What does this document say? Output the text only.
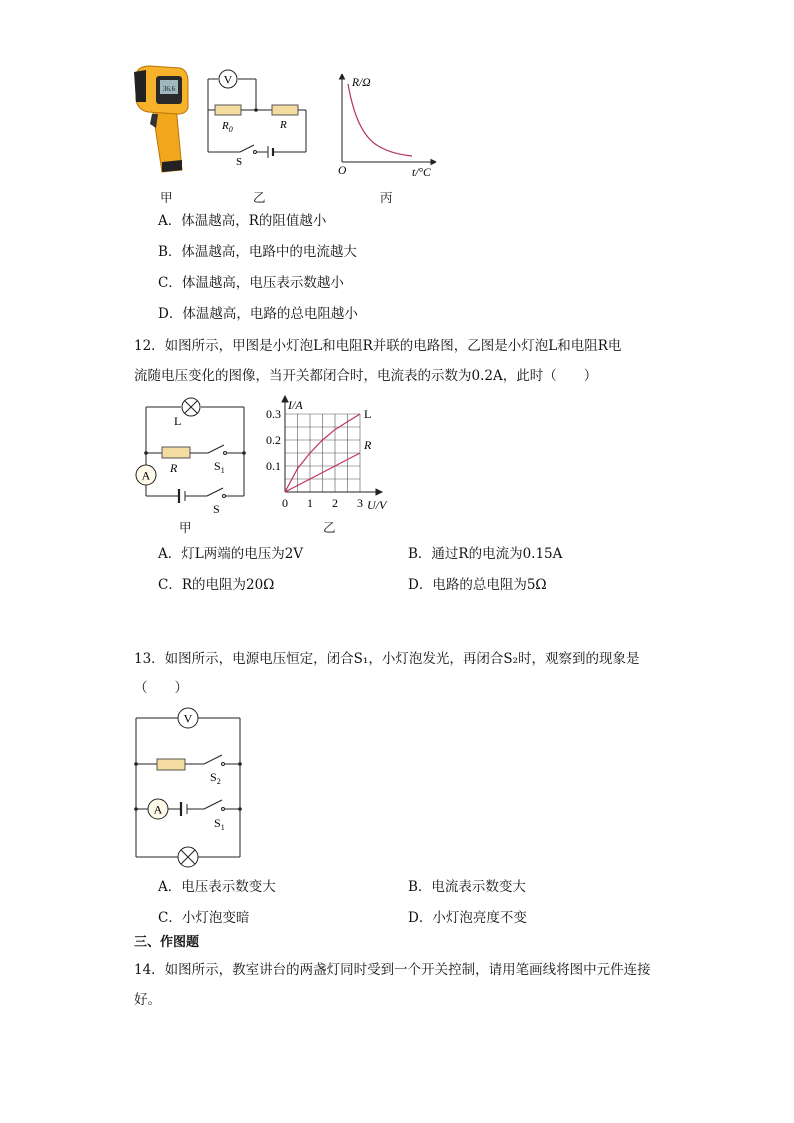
36.6
V
$R_0$	R
S
R/Ω
t/°C
O
甲	乙	丙
A．体温越高，R的阻值越小
B．体温越高，电路中的电流越大
C．体温越高，电压表示数越小
D．体温越高，电路的总电阻越小
12．如图所示，甲图是小灯泡L和电阻R并联的电路图，乙图是小灯泡L和电阻R电
流随电压变化的图像，当开关都闭合时，电流表的示数为0.2A，此时（　　）
L
R	$S_1$
A
S
甲
L
R
0 1 2 3
0.1
0.2
0.3
I/A
U/V
乙
A．灯L两端的电压为2V	B．通过R的电流为0.15A
C．R的电阻为20Ω	D．电路的总电阻为5Ω
13．如图所示，电源电压恒定，闭合S₁，小灯泡发光，再闭合S₂时，观察到的现象是
（　　）
V
$S_2$
A
$S_1$
A．电压表示数变大	B．电流表示数变大
C．小灯泡变暗	D．小灯泡亮度不变
三、作图题
14．如图所示，教室讲台的两盏灯同时受到一个开关控制，请用笔画线将图中元件连接
好。
